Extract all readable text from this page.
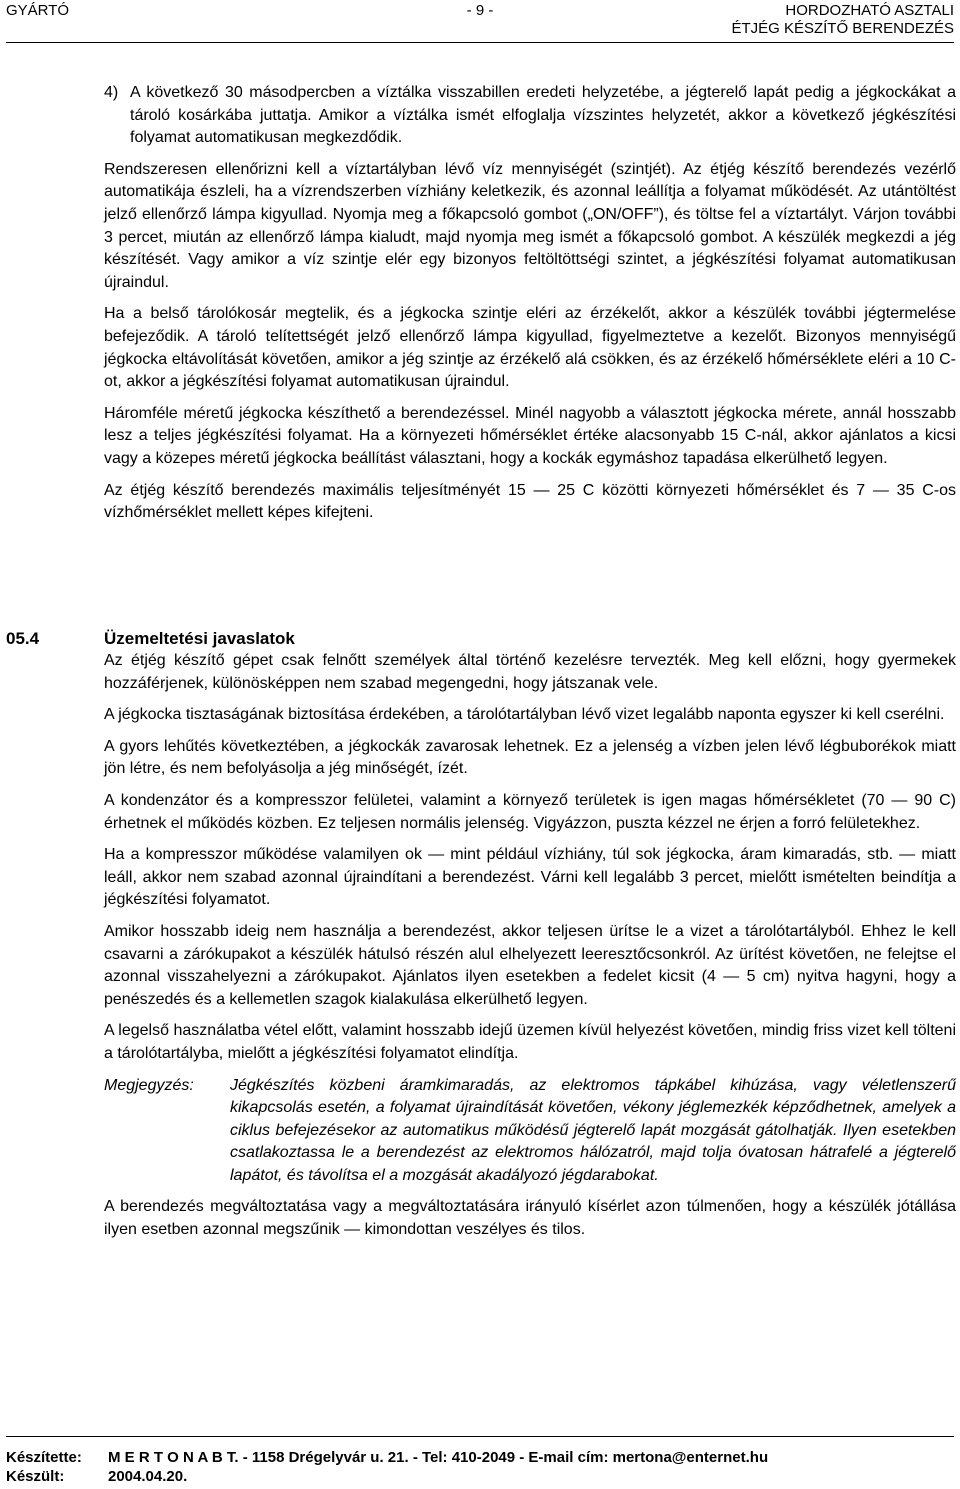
GYÁRTÓ	- 9 -	HORDOZHATÓ ASZTALI
ÉTJÉG KÉSZÍTŐ BERENDEZÉS

4) A következő 30 másodpercben a víztálka visszabillen eredeti helyzetébe, a jégterelő lapát pedig a jégkockákat a tároló kosárkába juttatja. Amikor a víztálka ismét elfoglalja vízszintes helyzetét, akkor a következő jégkészítési folyamat automatikusan megkezdődik.

Rendszeresen ellenőrizni kell a víztartályban lévő víz mennyiségét (szintjét). Az étjég készítő berendezés vezérlő automatikája észleli, ha a vízrendszerben vízhiány keletkezik, és azonnal leállítja a folyamat működését. Az utántöltést jelző ellenőrző lámpa kigyullad. Nyomja meg a főkapcsoló gombot („ON/OFF”), és töltse fel a víztartályt. Várjon további 3 percet, miután az ellenőrző lámpa kialudt, majd nyomja meg ismét a főkapcsoló gombot. A készülék megkezdi a jég készítését. Vagy amikor a víz szintje elér egy bizonyos feltöltöttségi szintet, a jégkészítési folyamat automatikusan újraindul.

Ha a belső tárolókosár megtelik, és a jégkocka szintje eléri az érzékelőt, akkor a készülék további jégtermelése befejeződik. A tároló telítettségét jelző ellenőrző lámpa kigyullad, figyelmeztetve a kezelőt. Bizonyos mennyiségű jégkocka eltávolítását követően, amikor a jég szintje az érzékelő alá csökken, és az érzékelő hőmérséklete eléri a 10 C-ot, akkor a jégkészítési folyamat automatikusan újraindul.

Háromféle méretű jégkocka készíthető a berendezéssel. Minél nagyobb a választott jégkocka mérete, annál hosszabb lesz a teljes jégkészítési folyamat. Ha a környezeti hőmérséklet értéke alacsonyabb 15 C-nál, akkor ajánlatos a kicsi vagy a közepes méretű jégkocka beállítást választani, hogy a kockák egymáshoz tapadása elkerülhető legyen.

Az étjég készítő berendezés maximális teljesítményét 15 — 25 C közötti környezeti hőmérséklet és 7 — 35 C-os vízhőmérséklet mellett képes kifejteni.

05.4	Üzemeltetési javaslatok

Az étjég készítő gépet csak felnőtt személyek által történő kezelésre tervezték. Meg kell előzni, hogy gyermekek hozzáférjenek, különösképpen nem szabad megengedni, hogy játszanak vele.

A jégkocka tisztaságának biztosítása érdekében, a tárolótartályban lévő vizet legalább naponta egyszer ki kell cserélni.

A gyors lehűtés következtében, a jégkockák zavarosak lehetnek. Ez a jelenség a vízben jelen lévő légbuborékok miatt jön létre, és nem befolyásolja a jég minőségét, ízét.

A kondenzátor és a kompresszor felületei, valamint a környező területek is igen magas hőmérsékletet (70 — 90 C) érhetnek el működés közben. Ez teljesen normális jelenség. Vigyázzon, puszta kézzel ne érjen a forró felületekhez.

Ha a kompresszor működése valamilyen ok — mint például vízhiány, túl sok jégkocka, áram kimaradás, stb. — miatt leáll, akkor nem szabad azonnal újraindítani a berendezést. Várni kell legalább 3 percet, mielőtt ismételten beindítja a jégkészítési folyamatot.

Amikor hosszabb ideig nem használja a berendezést, akkor teljesen ürítse le a vizet a tárolótartályból. Ehhez le kell csavarni a zárókupakot a készülék hátulsó részén alul elhelyezett leeresztőcsonkról. Az ürítést követően, ne felejtse el azonnal visszahelyezni a zárókupakot. Ajánlatos ilyen esetekben a fedelet kicsit (4 — 5 cm) nyitva hagyni, hogy a penészedés és a kellemetlen szagok kialakulása elkerülhető legyen.

A legelső használatba vétel előtt, valamint hosszabb idejű üzemen kívül helyezést követően, mindig friss vizet kell tölteni a tárolótartályba, mielőtt a jégkészítési folyamatot elindítja.

Megjegyzés:	Jégkészítés közbeni áramkimaradás, az elektromos tápkábel kihúzása, vagy véletlenszerű kikapcsolás esetén, a folyamat újraindítását követően, vékony jéglemezkék képződhetnek, amelyek a ciklus befejezésekor az automatikus működésű jégterelő lapát mozgását gátolhatják. Ilyen esetekben csatlakoztassa le a berendezést az elektromos hálózatról, majd tolja óvatosan hátrafelé a jégterelő lapátot, és távolítsa el a mozgását akadályozó jégdarabokat.

A berendezés megváltoztatása vagy a megváltoztatására irányuló kísérlet azon túlmenően, hogy a készülék jótállása ilyen esetben azonnal megszűnik — kimondottan veszélyes és tilos.

Készítette:	M E R T O N A B T. - 1158 Drégelyvár u. 21. - Tel: 410-2049 - E-mail cím: mertona@enternet.hu
Készült:	2004.04.20.
